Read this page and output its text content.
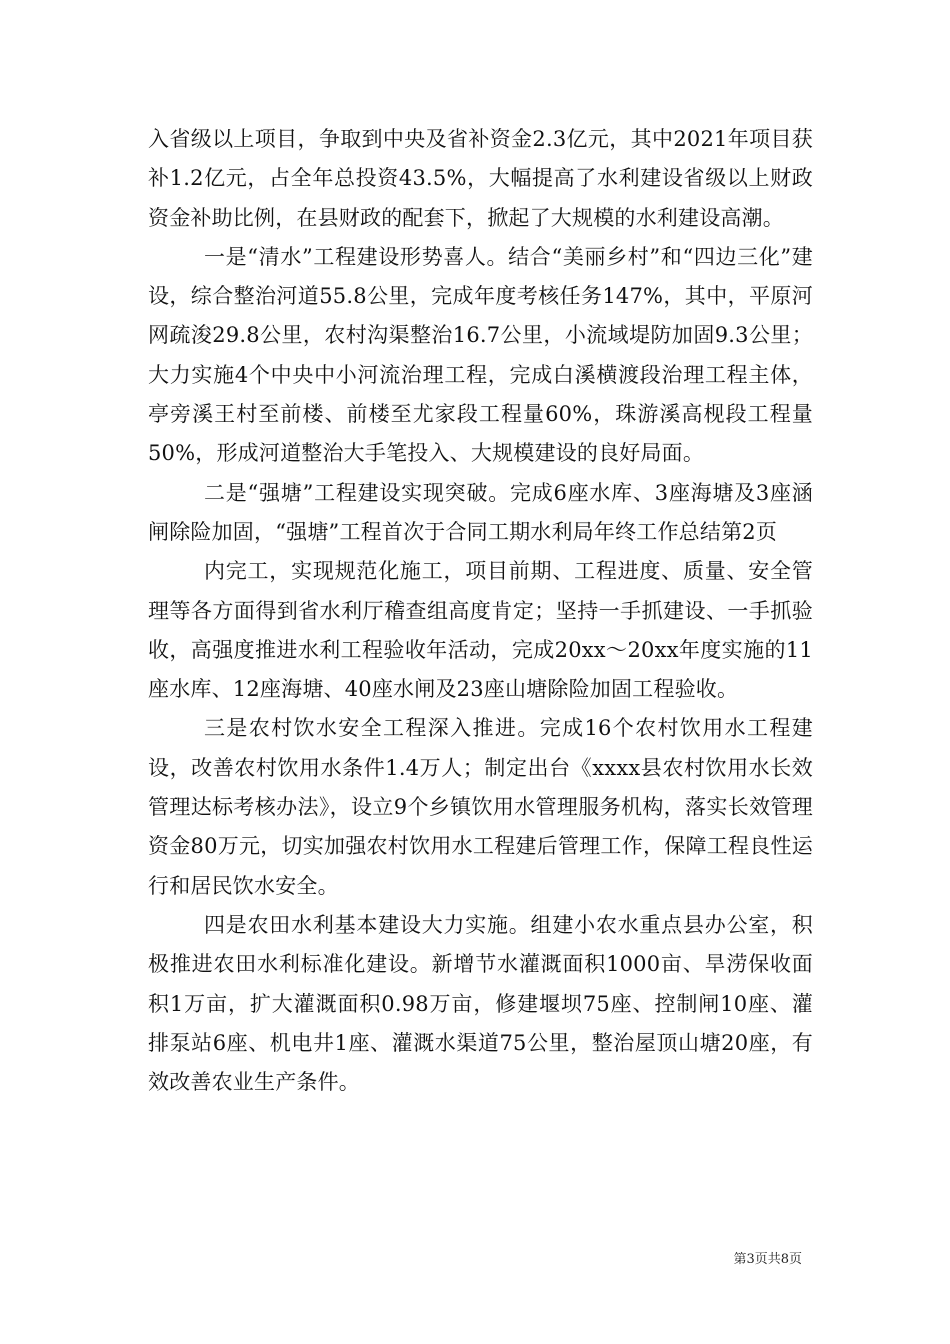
入省级以上项目，争取到中央及省补资金2.3亿元，其中2021年项目获补1.2亿元，占全年总投资43.5%，大幅提高了水利建设省级以上财政资金补助比例，在县财政的配套下，掀起了大规模的水利建设高潮。

一是“清水”工程建设形势喜人。结合“美丽乡村”和“四边三化”建设，综合整治河道55.8公里，完成年度考核任务147%，其中，平原河网疏浚29.8公里，农村沟渠整治16.7公里，小流域堤防加固9.3公里；大力实施4个中央中小河流治理工程，完成白溪横渡段治理工程主体，亭旁溪王村至前楼、前楼至尤家段工程量60%，珠游溪高枧段工程量50%，形成河道整治大手笔投入、大规模建设的良好局面。

二是“强塘”工程建设实现突破。完成6座水库、3座海塘及3座涵闸除险加固，“强塘”工程首次于合同工期水利局年终工作总结第2页

内完工，实现规范化施工，项目前期、工程进度、质量、安全管理等各方面得到省水利厅稽查组高度肯定；坚持一手抓建设、一手抓验收，高强度推进水利工程验收年活动，完成20xx～20xx年度实施的11座水库、12座海塘、40座水闸及23座山塘除险加固工程验收。

三是农村饮水安全工程深入推进。完成16个农村饮用水工程建设，改善农村饮用水条件1.4万人；制定出台《xxxx县农村饮用水长效管理达标考核办法》，设立9个乡镇饮用水管理服务机构，落实长效管理资金80万元，切实加强农村饮用水工程建后管理工作，保障工程良性运行和居民饮水安全。

四是农田水利基本建设大力实施。组建小农水重点县办公室，积极推进农田水利标准化建设。新增节水灌溉面积1000亩、旱涝保收面积1万亩，扩大灌溉面积0.98万亩，修建堰坝75座、控制闸10座、灌排泵站6座、机电井1座、灌溉水渠道75公里，整治屋顶山塘20座，有效改善农业生产条件。

第3页共8页
